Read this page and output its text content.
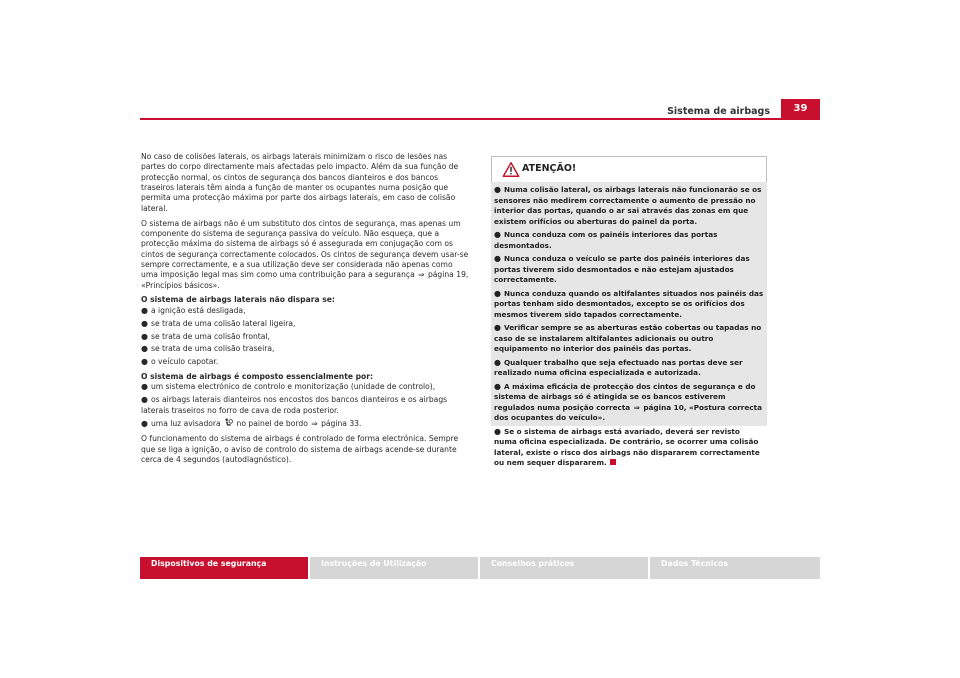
Sistema de airbags	39

No caso de colisões laterais, os airbags laterais minimizam o risco de lesões nas partes do corpo directamente mais afectadas pelo impacto. Além da sua função de protecção normal, os cintos de segurança dos bancos dianteiros e dos bancos traseiros laterais têm ainda a função de manter os ocupantes numa posição que permita uma protecção máxima por parte dos airbags laterais, em caso de colisão lateral.

O sistema de airbags não é um substituto dos cintos de segurança, mas apenas um componente do sistema de segurança passiva do veículo. Não esqueça, que a protecção máxima do sistema de airbags só é assegurada em conjugação com os cintos de segurança correctamente colocados. Os cintos de segurança devem usar-se sempre correctamente, e a sua utilização deve ser considerada não apenas como uma imposição legal mas sim como uma contribuição para a segurança ⇒ página 19, «Princípios básicos».

O sistema de airbags laterais não dispara se:

● a ignição está desligada,
● se trata de uma colisão lateral ligeira,
● se trata de uma colisão frontal,
● se trata de uma colisão traseira,
● o veículo capotar.

O sistema de airbags é composto essencialmente por:

● um sistema electrónico de controlo e monitorização (unidade de controlo),
● os airbags laterais dianteiros nos encostos dos bancos dianteiros e os airbags laterais traseiros no forro de cava de roda posterior.
● uma luz avisadora no painel de bordo ⇒ página 33.

O funcionamento do sistema de airbags é controlado de forma electrónica. Sempre que se liga a ignição, o aviso de controlo do sistema de airbags acende-se durante cerca de 4 segundos (autodiagnóstico).

ATENÇÃO!

● Numa colisão lateral, os airbags laterais não funcionarão se os sensores não medirem correctamente o aumento de pressão no interior das portas, quando o ar sai através das zonas em que existem orifícios ou aberturas do painel da porta.

● Nunca conduza com os painéis interiores das portas desmontados.

● Nunca conduza o veículo se parte dos painéis interiores das portas tiverem sido desmontados e não estejam ajustados correctamente.

● Nunca conduza quando os altifalantes situados nos painéis das portas tenham sido desmontados, excepto se os orifícios dos mesmos tiverem sido tapados correctamente.

● Verificar sempre se as aberturas estão cobertas ou tapadas no caso de se instalarem altifalantes adicionais ou outro equipamento no interior dos painéis das portas.

● Qualquer trabalho que seja efectuado nas portas deve ser realizado numa oficina especializada e autorizada.

● A máxima eficácia de protecção dos cintos de segurança e do sistema de airbags só é atingida se os bancos estiverem regulados numa posição correcta ⇒ página 10, «Postura correcta dos ocupantes do veículo».

● Se o sistema de airbags está avariado, deverá ser revisto numa oficina especializada. De contrário, se ocorrer uma colisão lateral, existe o risco dos airbags não dispararem correctamente ou nem sequer dispararem.

Dispositivos de segurança	Instruções de Utilização	Conselhos práticos	Dados Técnicos
